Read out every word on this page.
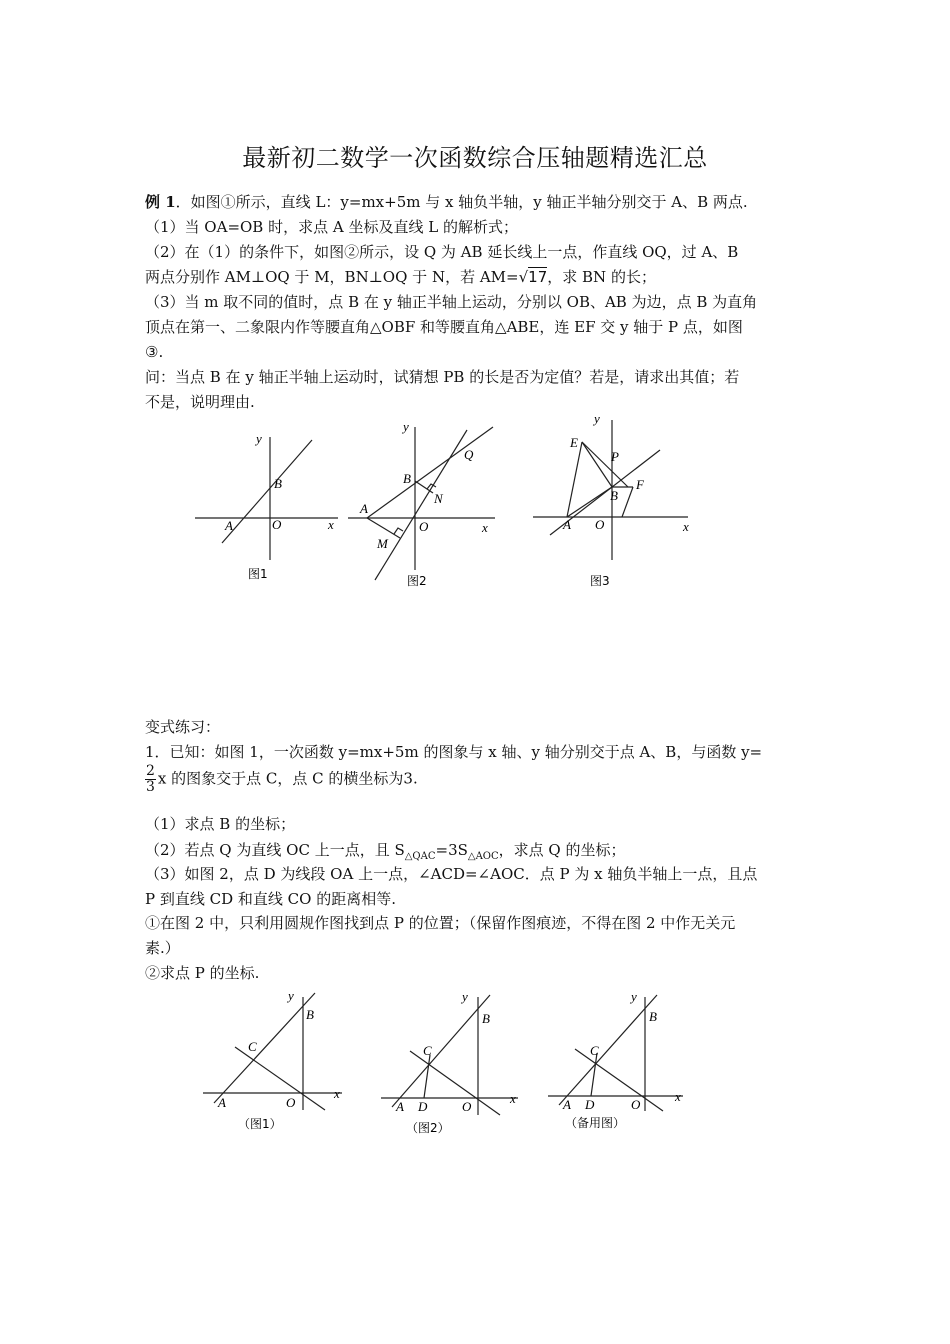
最新初二数学一次函数综合压轴题精选汇总
例 1．如图①所示，直线 L：y=mx+5m 与 x 轴负半轴，y 轴正半轴分别交于 A、B 两点.
（1）当 OA=OB 时，求点 A 坐标及直线 L 的解析式；
（2）在（1）的条件下，如图②所示，设 Q 为 AB 延长线上一点，作直线 OQ，过 A、B
两点分别作 AM⊥OQ 于 M，BN⊥OQ 于 N，若 AM=√17，求 BN 的长；
（3）当 m 取不同的值时，点 B 在 y 轴正半轴上运动，分别以 OB、AB 为边，点 B 为直角
顶点在第一、二象限内作等腰直角△OBF 和等腰直角△ABE，连 EF 交 y 轴于 P 点，如图
③.
问：当点 B 在 y 轴正半轴上运动时，试猜想 PB 的长是否为定值？若是，请求出其值；若
不是，说明理由.
y
x
A
B
O
图1
y
x
A
B
O
Q
N
M
图2
y
x
A
B
O
E
P
F
图3
变式练习：
1．已知：如图 1，一次函数 y=mx+5m 的图象与 x 轴、y 轴分别交于点 A、B，与函数 y=
$\frac{2}{3}$ x 的图象交于点 C，点 C 的横坐标为3.
（1）求点 B 的坐标；
（2）若点 Q 为直线 OC 上一点，且 $S_{\triangle QAC}=3S_{\triangle AOC}$，求点 Q 的坐标；
（3）如图 2，点 D 为线段 OA 上一点，∠ACD=∠AOC．点 P 为 x 轴负半轴上一点，且点
P 到直线 CD 和直线 CO 的距离相等.
①在图 2 中，只利用圆规作图找到点 P 的位置；（保留作图痕迹，不得在图 2 中作无关元
素.）
②求点 P 的坐标.
y
x
A
B
C
O
（图1）
y
x
A
B
C
D	O
（图2）
y
x
A
B
C
D	O
（备用图）
